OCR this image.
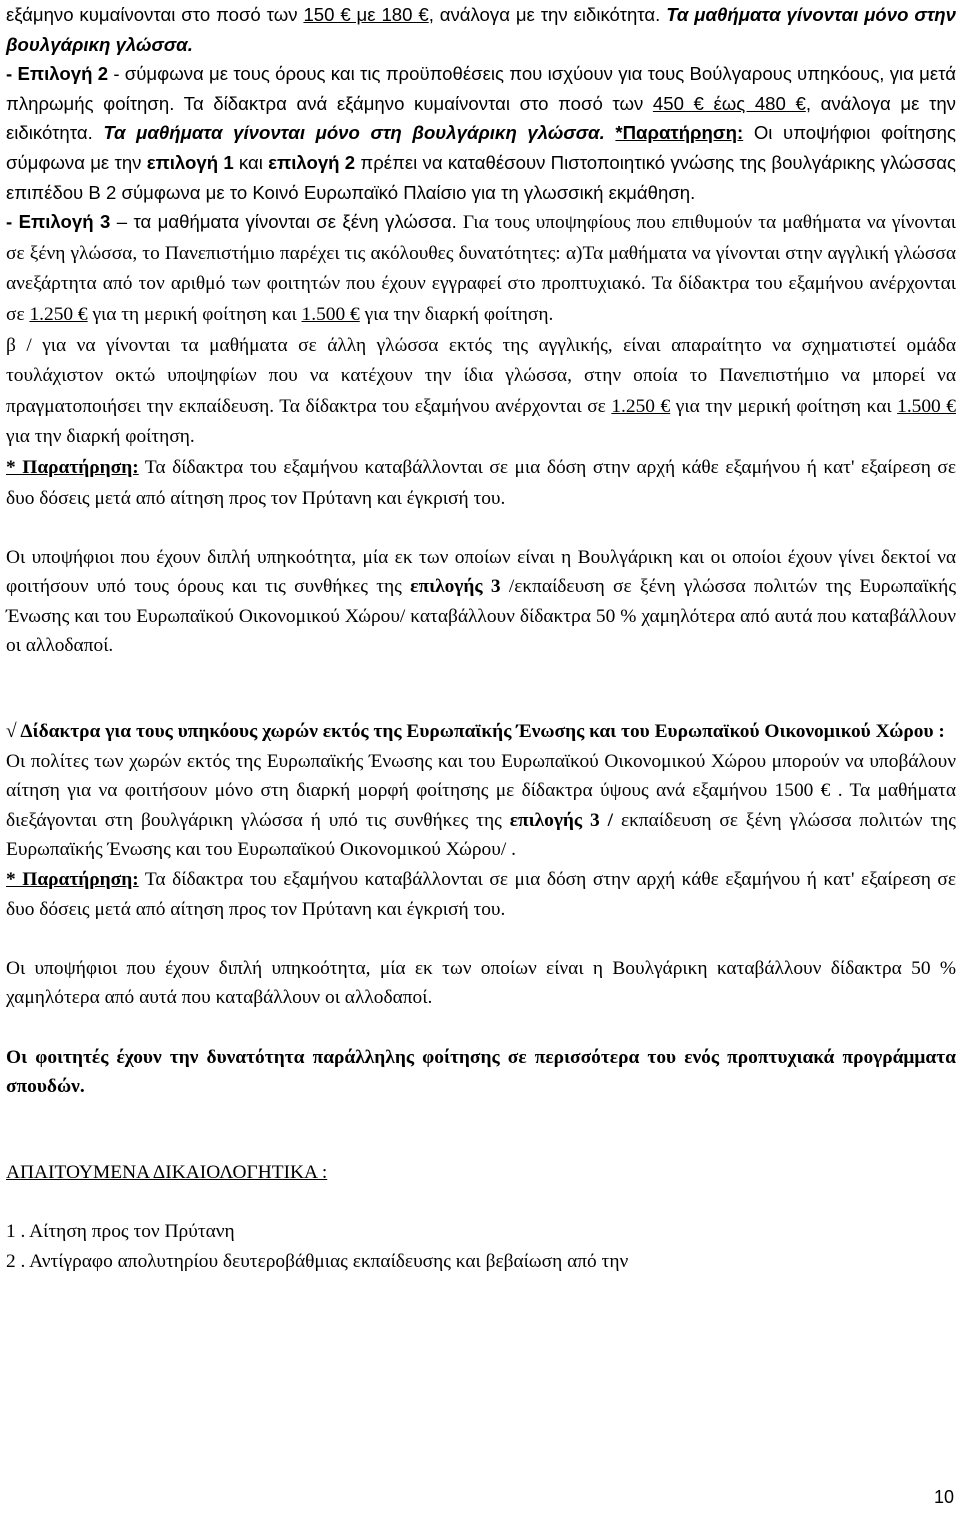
εξάμηνο κυμαίνονται στο ποσό των 150 € με 180 €, ανάλογα με την ειδικότητα. Τα μαθήματα γίνονται μόνο στην βουλγάρικη γλώσσα.
- Επιλογή 2 - σύμφωνα με τους όρους και τις προϋποθέσεις που ισχύουν για τους Βούλγαρους υπηκόους, για μετά πληρωμής φοίτηση. Τα δίδακτρα ανά εξάμηνο κυμαίνονται στο ποσό των 450 € έως 480 €, ανάλογα με την ειδικότητα. Τα μαθήματα γίνονται μόνο στη βουλγάρικη γλώσσα. *Παρατήρηση: Οι υποψήφιοι φοίτησης σύμφωνα με την επιλογή 1 και επιλογή 2 πρέπει να καταθέσουν Πιστοποιητικό γνώσης της βουλγάρικης γλώσσας επιπέδου Β 2 σύμφωνα με το Κοινό Ευρωπαϊκό Πλαίσιο για τη γλωσσική εκμάθηση.
- Επιλογή 3 – τα μαθήματα γίνονται σε ξένη γλώσσα. Για τους υποψηφίους που επιθυμούν τα μαθήματα να γίνονται σε ξένη γλώσσα, το Πανεπιστήμιο παρέχει τις ακόλουθες δυνατότητες: α)Τα μαθήματα να γίνονται στην αγγλική γλώσσα ανεξάρτητα από τον αριθμό των φοιτητών που έχουν εγγραφεί στο προπτυχιακό. Τα δίδακτρα του εξαμήνου ανέρχονται σε 1.250 € για τη μερική φοίτηση και 1.500 € για την διαρκή φοίτηση.
β / για να γίνονται τα μαθήματα σε άλλη γλώσσα εκτός της αγγλικής, είναι απαραίτητο να σχηματιστεί ομάδα τουλάχιστον οκτώ υποψηφίων που να κατέχουν την ίδια γλώσσα, στην οποία το Πανεπιστήμιο να μπορεί να πραγματοποιήσει την εκπαίδευση. Τα δίδακτρα του εξαμήνου ανέρχονται σε 1.250 € για την μερική φοίτηση και 1.500 € για την διαρκή φοίτηση.
* Παρατήρηση: Τα δίδακτρα του εξαμήνου καταβάλλονται σε μια δόση στην αρχή κάθε εξαμήνου ή κατ' εξαίρεση σε δυο δόσεις μετά από αίτηση προς τον Πρύτανη και έγκρισή του.

Οι υποψήφιοι που έχουν διπλή υπηκοότητα, μία εκ των οποίων είναι η Βουλγάρικη και οι οποίοι έχουν γίνει δεκτοί να φοιτήσουν υπό τους όρους και τις συνθήκες της επιλογής 3 /εκπαίδευση σε ξένη γλώσσα πολιτών της Ευρωπαϊκής Ένωσης και του Ευρωπαϊκού Οικονομικού Χώρου/ καταβάλλουν δίδακτρα 50 % χαμηλότερα από αυτά που καταβάλλουν οι αλλοδαποί.

√ Δίδακτρα για τους υπηκόους χωρών εκτός της Ευρωπαϊκής Ένωσης και του Ευρωπαϊκού Οικονομικού Χώρου :
Οι πολίτες των χωρών εκτός της Ευρωπαϊκής Ένωσης και του Ευρωπαϊκού Οικονομικού Χώρου μπορούν να υποβάλουν αίτηση για να φοιτήσουν μόνο στη διαρκή μορφή φοίτησης με δίδακτρα ύψους ανά εξαμήνου 1500 € . Τα μαθήματα διεξάγονται στη βουλγάρικη γλώσσα ή υπό τις συνθήκες της επιλογής 3 / εκπαίδευση σε ξένη γλώσσα πολιτών της Ευρωπαϊκής Ένωσης και του Ευρωπαϊκού Οικονομικού Χώρου/ .
* Παρατήρηση: Τα δίδακτρα του εξαμήνου καταβάλλονται σε μια δόση στην αρχή κάθε εξαμήνου ή κατ' εξαίρεση σε δυο δόσεις μετά από αίτηση προς τον Πρύτανη και έγκρισή του.

Οι υποψήφιοι που έχουν διπλή υπηκοότητα, μία εκ των οποίων είναι η Βουλγάρικη καταβάλλουν δίδακτρα 50 % χαμηλότερα από αυτά που καταβάλλουν οι αλλοδαποί.

Οι φοιτητές έχουν την δυνατότητα παράλληλης φοίτησης σε περισσότερα του ενός προπτυχιακά προγράμματα σπουδών.

ΑΠΑΙΤΟΥΜΕΝΑ ΔΙΚΑΙΟΛΟΓΗΤΙΚΑ :

1 . Αίτηση προς τον Πρύτανη
2 . Αντίγραφο απολυτηρίου δευτεροβάθμιας εκπαίδευσης και βεβαίωση από την

10
